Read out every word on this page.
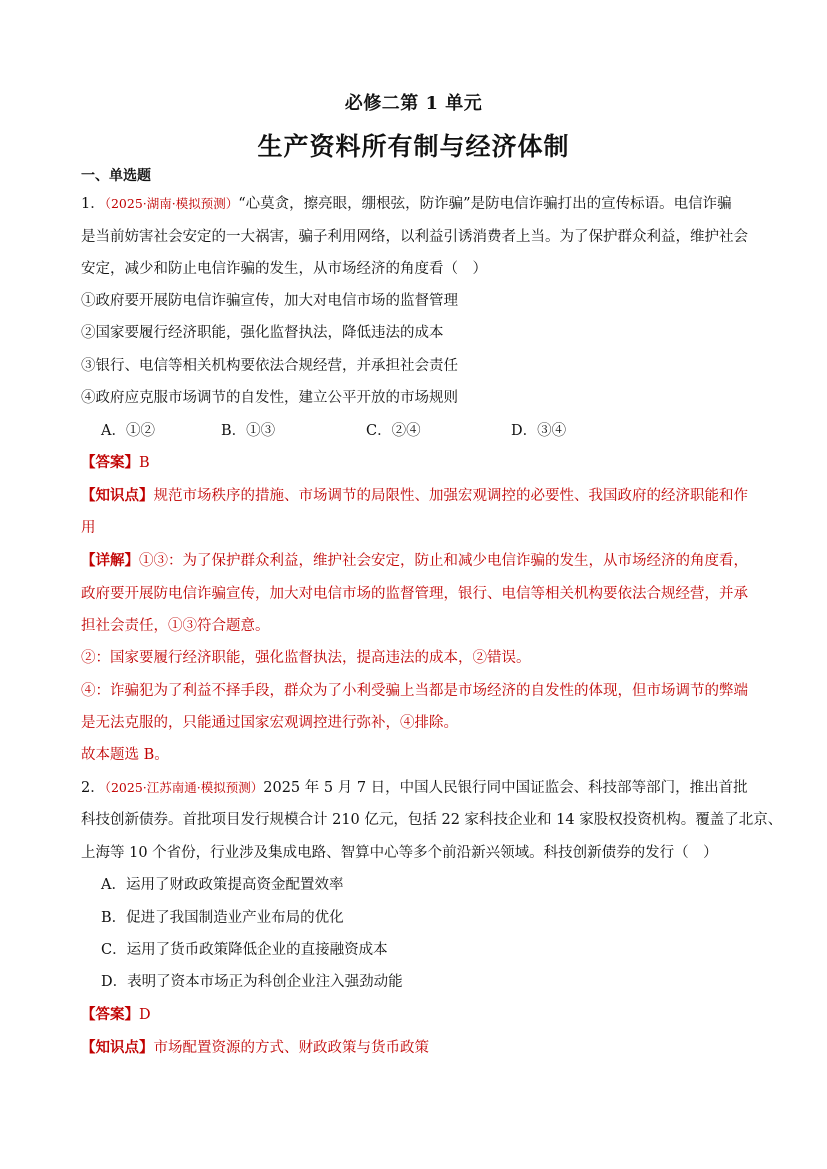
必修二第 1 单元
生产资料所有制与经济体制
一、单选题
1．（2025·湖南·模拟预测）“心莫贪，擦亮眼，绷根弦，防诈骗”是防电信诈骗打出的宣传标语。电信诈骗
是当前妨害社会安定的一大祸害，骗子利用网络，以利益引诱消费者上当。为了保护群众利益，维护社会
安定，减少和防止电信诈骗的发生，从市场经济的角度看（　）
①政府要开展防电信诈骗宣传，加大对电信市场的监督管理
②国家要履行经济职能，强化监督执法，降低违法的成本
③银行、电信等相关机构要依法合规经营，并承担社会责任
④政府应克服市场调节的自发性，建立公平开放的市场规则
A．①②	B．①③	C．②④	D．③④
【答案】B
【知识点】规范市场秩序的措施、市场调节的局限性、加强宏观调控的必要性、我国政府的经济职能和作
用
【详解】①③：为了保护群众利益，维护社会安定，防止和减少电信诈骗的发生，从市场经济的角度看，
政府要开展防电信诈骗宣传，加大对电信市场的监督管理，银行、电信等相关机构要依法合规经营，并承
担社会责任，①③符合题意。
②：国家要履行经济职能，强化监督执法，提高违法的成本，②错误。
④：诈骗犯为了利益不择手段，群众为了小利受骗上当都是市场经济的自发性的体现，但市场调节的弊端
是无法克服的，只能通过国家宏观调控进行弥补，④排除。
故本题选 B。
2．（2025·江苏南通·模拟预测）2025 年 5 月 7 日，中国人民银行同中国证监会、科技部等部门，推出首批
科技创新债券。首批项目发行规模合计 210 亿元，包括 22 家科技企业和 14 家股权投资机构。覆盖了北京、
上海等 10 个省份，行业涉及集成电路、智算中心等多个前沿新兴领域。科技创新债券的发行（　）
A．运用了财政政策提高资金配置效率
B．促进了我国制造业产业布局的优化
C．运用了货币政策降低企业的直接融资成本
D．表明了资本市场正为科创企业注入强劲动能
【答案】D
【知识点】市场配置资源的方式、财政政策与货币政策
